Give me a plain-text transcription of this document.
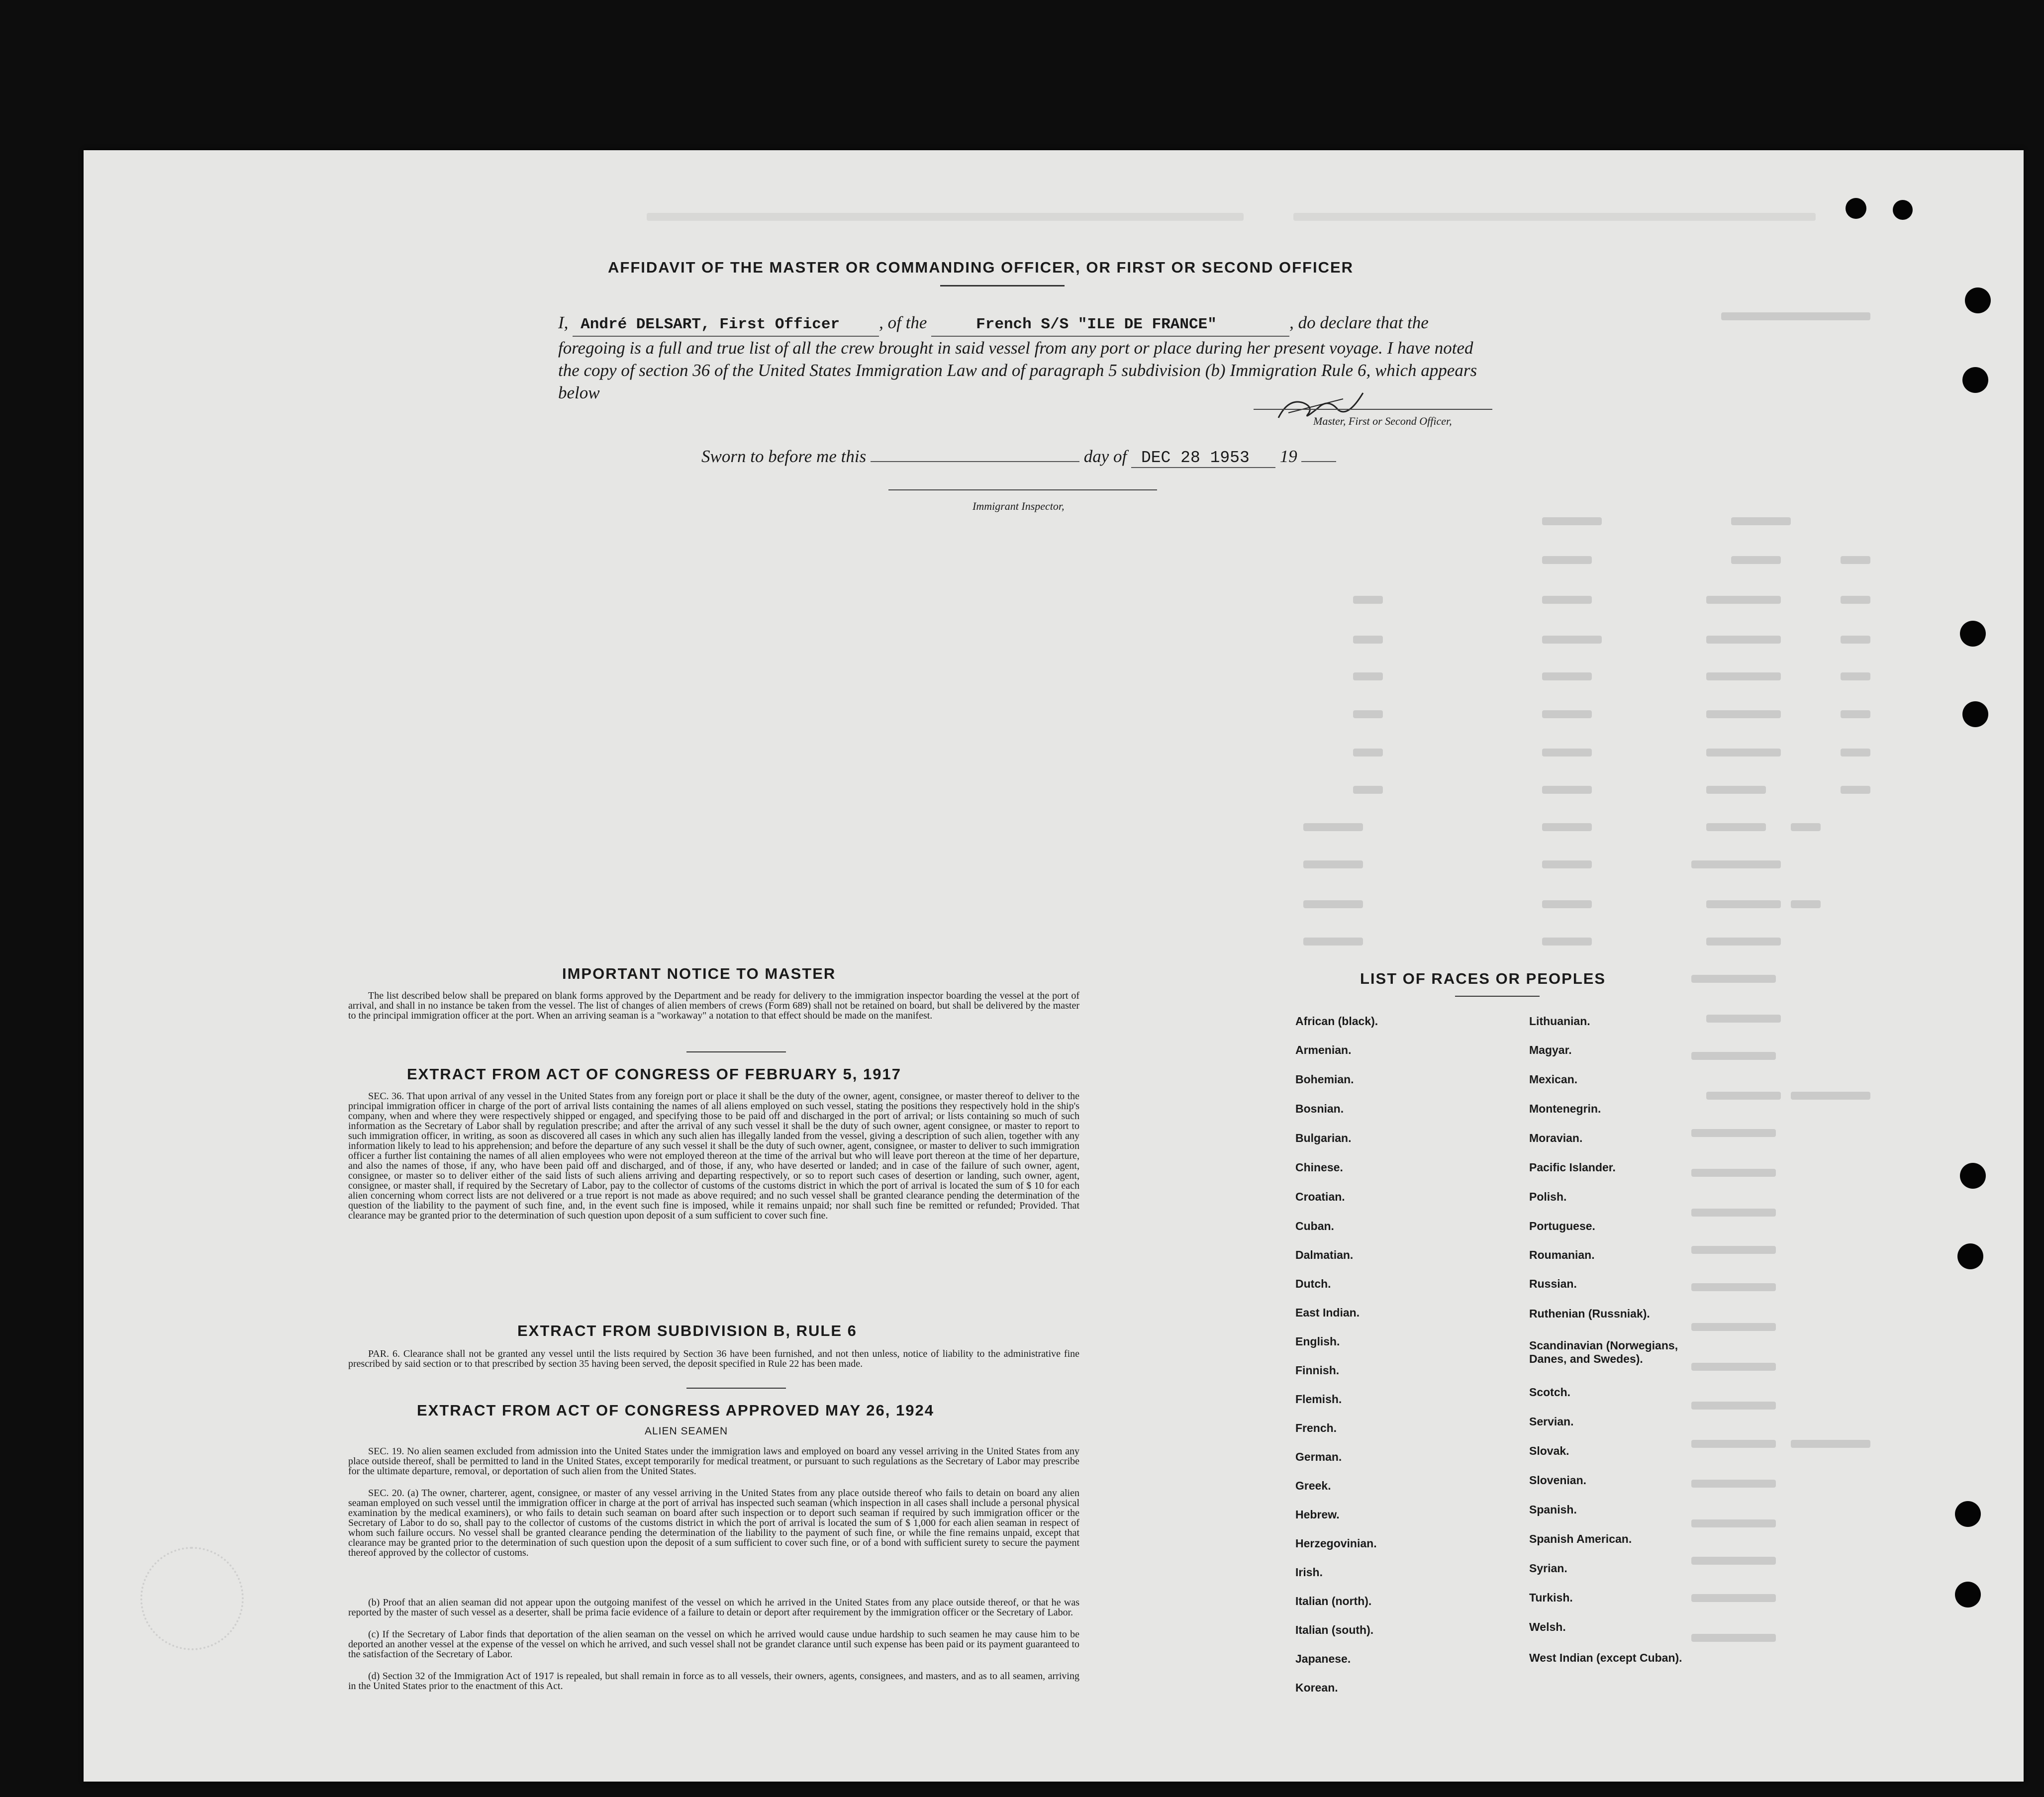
AFFIDAVIT OF THE MASTER OR COMMANDING OFFICER, OR FIRST OR SECOND OFFICER
I, André DELSART, First Officer , of the	French S/S "ILE DE FRANCE"	, do declare that the foregoing is a full and true list of all the crew brought in said vessel from any port or place during her present voyage. I have noted the copy of section 36 of the United States Immigration Law and of paragraph 5 subdivision (b) Immigration Rule 6, which appears below
Master, First or Second Officer,
Sworn to before me this	day of DEC 28 1953 19
Immigrant Inspector,
IMPORTANT NOTICE TO MASTER

The list described below shall be prepared on blank forms approved by the Department and be ready for delivery to the immigration inspector boarding the vessel at the port of arrival, and shall in no instance be taken from the vessel. The list of changes of alien members of crews (Form 689) shall not be retained on board, but shall be delivered by the master to the principal immigration officer at the port. When an arriving seaman is a "workaway" a notation to that effect should be made on the manifest.

EXTRACT FROM ACT OF CONGRESS OF FEBRUARY 5, 1917

SEC. 36. That upon arrival of any vessel in the United States from any foreign port or place it shall be the duty of the owner, agent, consignee, or master thereof to deliver to the principal immigration officer in charge of the port of arrival lists containing the names of all aliens employed on such vessel, stating the positions they respectively hold in the ship's company, when and where they were respectively shipped or engaged, and specifying those to be paid off and discharged in the port of arrival; or lists containing so much of such information as the Secretary of Labor shall by regulation prescribe; and after the arrival of any such vessel it shall be the duty of such owner, agent consignee, or master to report to such immigration officer, in writing, as soon as discovered all cases in which any such alien has illegally landed from the vessel, giving a description of such alien, together with any information likely to lead to his apprehension; and before the departure of any such vessel it shall be the duty of such owner, agent, consignee, or master to deliver to such immigration officer a further list containing the names of all alien employees who were not employed thereon at the time of the arrival but who will leave port thereon at the time of her departure, and also the names of those, if any, who have been paid off and discharged, and of those, if any, who have deserted or landed; and in case of the failure of such owner, agent, consignee, or master so to deliver either of the said lists of such aliens arriving and departing respectively, or so to report such cases of desertion or landing, such owner, agent, consignee, or master shall, if required by the Secretary of Labor, pay to the collector of customs of the customs district in which the port of arrival is located the sum of $ 10 for each alien concerning whom correct lists are not delivered or a true report is not made as above required; and no such vessel shall be granted clearance pending the determination of the question of the liability to the payment of such fine, and, in the event such fine is imposed, while it remains unpaid; nor shall such fine be remitted or refunded; Provided. That clearance may be granted prior to the determination of such question upon deposit of a sum sufficient to cover such fine.

EXTRACT FROM SUBDIVISION B, RULE 6

PAR. 6. Clearance shall not be granted any vessel until the lists required by Section 36 have been furnished, and not then unless, notice of liability to the administrative fine prescribed by said section or to that prescribed by section 35 having been served, the deposit specified in Rule 22 has been made.

EXTRACT FROM ACT OF CONGRESS APPROVED MAY 26, 1924
ALIEN SEAMEN

SEC. 19. No alien seamen excluded from admission into the United States under the immigration laws and employed on board any vessel arriving in the United States from any place outside thereof, shall be permitted to land in the United States, except temporarily for medical treatment, or pursuant to such regulations as the Secretary of Labor may prescribe for the ultimate departure, removal, or deportation of such alien from the United States.

SEC. 20. (a) The owner, charterer, agent, consignee, or master of any vessel arriving in the United States from any place outside thereof who fails to detain on board any alien seaman employed on such vessel until the immigration officer in charge at the port of arrival has inspected such seaman (which inspection in all cases shall include a personal physical examination by the medical examiners), or who fails to detain such seaman on board after such inspection or to deport such seaman if required by such immigration officer or the Secretary of Labor to do so, shall pay to the collector of customs of the customs district in which the port of arrival is located the sum of $ 1,000 for each alien seaman in respect of whom such failure occurs. No vessel shall be granted clearance pending the determination of the liability to the payment of such fine, or while the fine remains unpaid, except that clearance may be granted prior to the determination of such question upon the deposit of a sum sufficient to cover such fine, or of a bond with sufficient surety to secure the payment thereof approved by the collector of customs.

(b) Proof that an alien seaman did not appear upon the outgoing manifest of the vessel on which he arrived in the United States from any place outside thereof, or that he was reported by the master of such vessel as a deserter, shall be prima facie evidence of a failure to detain or deport after requirement by the immigration officer or the Secretary of Labor.

(c) If the Secretary of Labor finds that deportation of the alien seaman on the vessel on which he arrived would cause undue hardship to such seamen he may cause him to be deported an another vessel at the expense of the vessel on which he arrived, and such vessel shall not be grandet clarance until such expense has been paid or its payment guaranteed to the satisfaction of the Secretary of Labor.

(d) Section 32 of the Immigration Act of 1917 is repealed, but shall remain in force as to all vessels, their owners, agents, consignees, and masters, and as to all seamen, arriving in the United States prior to the enactment of this Act.

LIST OF RACES OR PEOPLES
African (black).
Armenian.
Bohemian.
Bosnian.
Bulgarian.
Chinese.
Croatian.
Cuban.
Dalmatian.
Dutch.
East Indian.
English.
Finnish.
Flemish.
French.
German.
Greek.
Hebrew.
Herzegovinian.
Irish.
Italian (north).
Italian (south).
Japanese.
Korean.
Lithuanian.
Magyar.
Mexican.
Montenegrin.
Moravian.
Pacific Islander.
Polish.
Portuguese.
Roumanian.
Russian.
Ruthenian (Russniak).
Scandinavian (Norwegians, Danes, and Swedes).
Scotch.
Servian.
Slovak.
Slovenian.
Spanish.
Spanish American.
Syrian.
Turkish.
Welsh.
West Indian (except Cuban).
